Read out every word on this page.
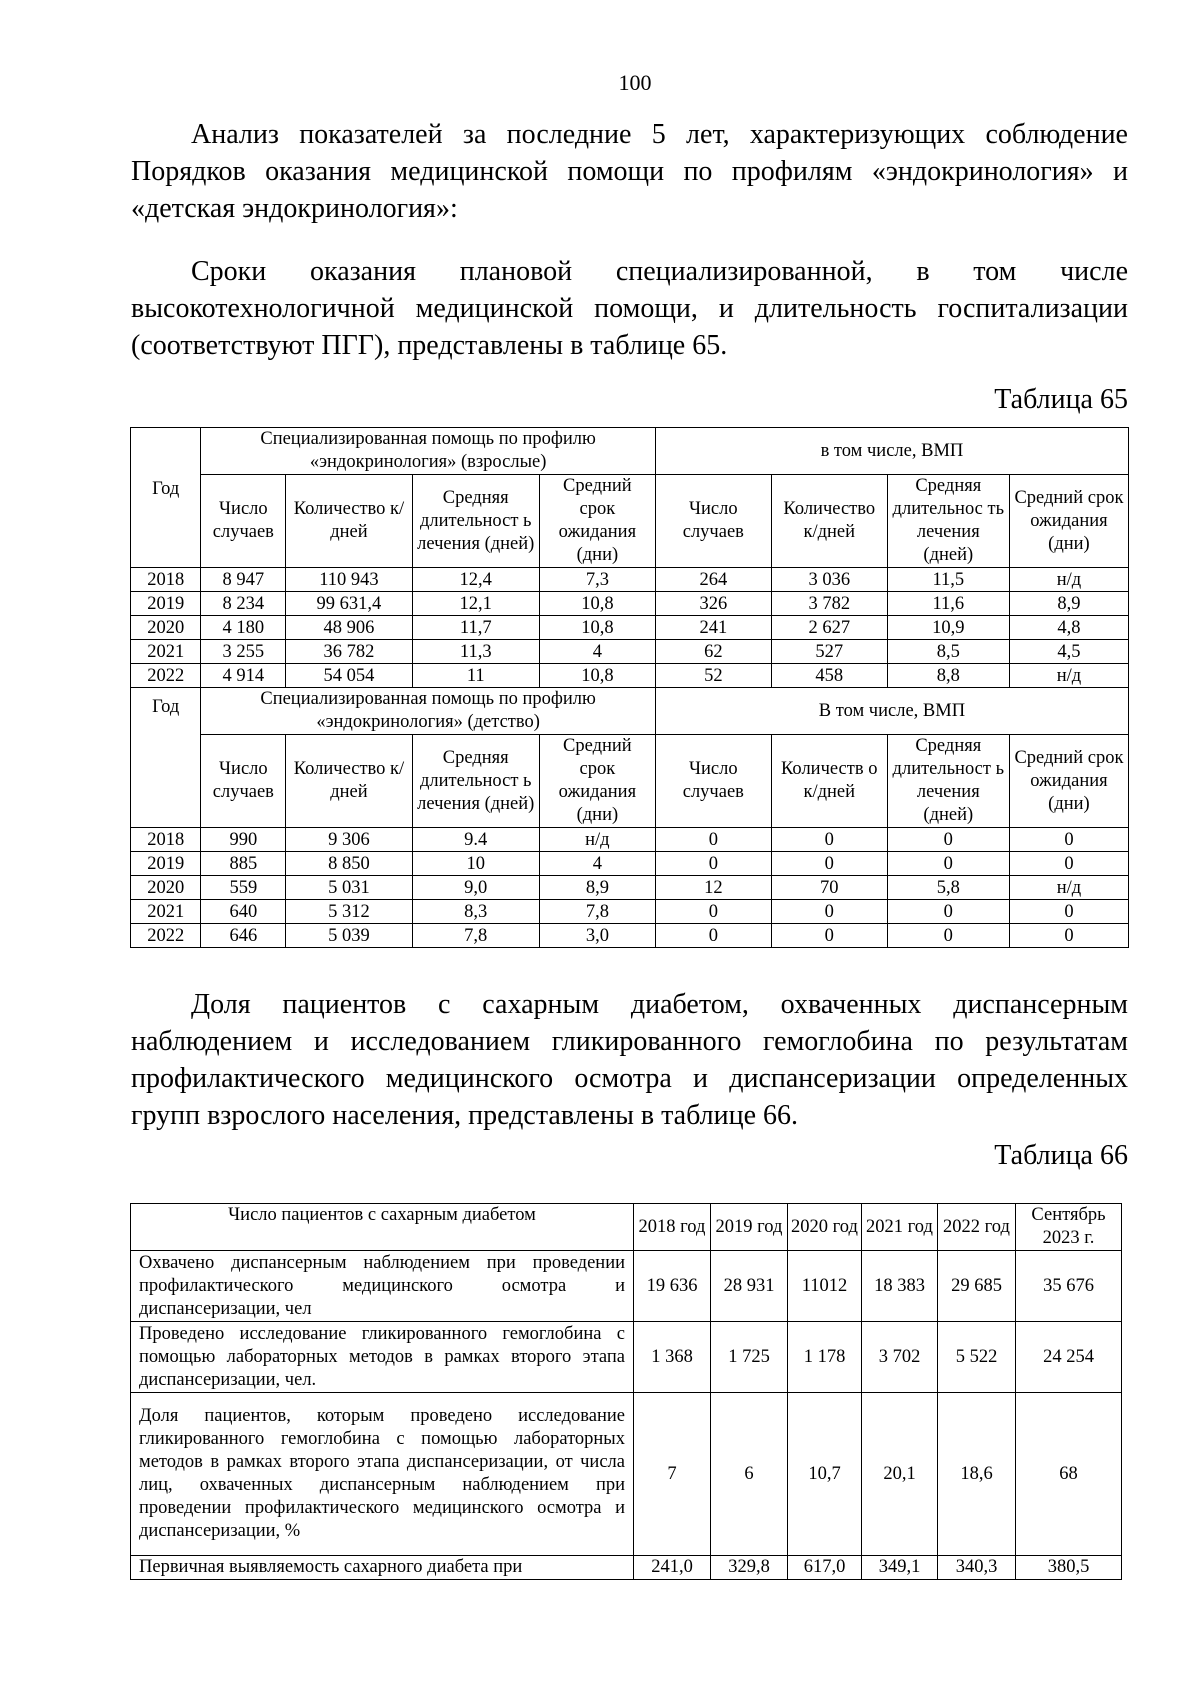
100

Анализ показателей за последние 5 лет, характеризующих соблюдение Порядков оказания медицинской помощи по профилям «эндокринология» и «детская эндокринология»:

Сроки оказания плановой специализированной, в том числе высокотехнологичной медицинской помощи, и длительность госпитализации (соответствуют ПГГ), представлены в таблице 65.

Таблица 65
Год	Специализированная помощь по профилю «эндокринология» (взрослые)				в том числе, ВМП			
	Число случаев	Количество к/дней	Средняя длительност ь лечения (дней)	Средний срок ожидания (дни)	Число случаев	Количество к/дней	Средняя длительнос ть лечения (дней)	Средний срок ожидания (дни)
2018	8 947	110 943	12,4	7,3	264	3 036	11,5	н/д
2019	8 234	99 631,4	12,1	10,8	326	3 782	11,6	8,9
2020	4 180	48 906	11,7	10,8	241	2 627	10,9	4,8
2021	3 255	36 782	11,3	4	62	527	8,5	4,5
2022	4 914	54 054	11	10,8	52	458	8,8	н/д
Год	Специализированная помощь по профилю «эндокринология» (детство)				В том числе, ВМП			
	Число случаев	Количество к/дней	Средняя длительност ь лечения (дней)	Средний срок ожидания (дни)	Число случаев	Количеств о к/дней	Средняя длительност ь лечения (дней)	Средний срок ожидания (дни)
2018	990	9 306	9.4	н/д	0	0	0	0
2019	885	8 850	10	4	0	0	0	0
2020	559	5 031	9,0	8,9	12	70	5,8	н/д
2021	640	5 312	8,3	7,8	0	0	0	0
2022	646	5 039	7,8	3,0	0	0	0	0

Доля пациентов с сахарным диабетом, охваченных диспансерным наблюдением и исследованием гликированного гемоглобина по результатам профилактического медицинского осмотра и диспансеризации определенных групп взрослого населения, представлены в таблице 66.

Таблица 66
Число пациентов с сахарным диабетом	2018 год	2019 год	2020 год	2021 год	2022 год	Сентябрь 2023 г.
Охвачено диспансерным наблюдением при проведении профилактического медицинского осмотра и диспансеризации, чел	19 636	28 931	11012	18 383	29 685	35 676
Проведено исследование гликированного гемоглобина с помощью лабораторных методов в рамках второго этапа диспансеризации, чел.	1 368	1 725	1 178	3 702	5 522	24 254
Доля пациентов, которым проведено исследование гликированного гемоглобина с помощью лабораторных методов в рамках второго этапа диспансеризации, от числа лиц, охваченных диспансерным наблюдением при проведении профилактического медицинского осмотра и диспансеризации, %	7	6	10,7	20,1	18,6	68
Первичная выявляемость сахарного диабета при	241,0	329,8	617,0	349,1	340,3	380,5
